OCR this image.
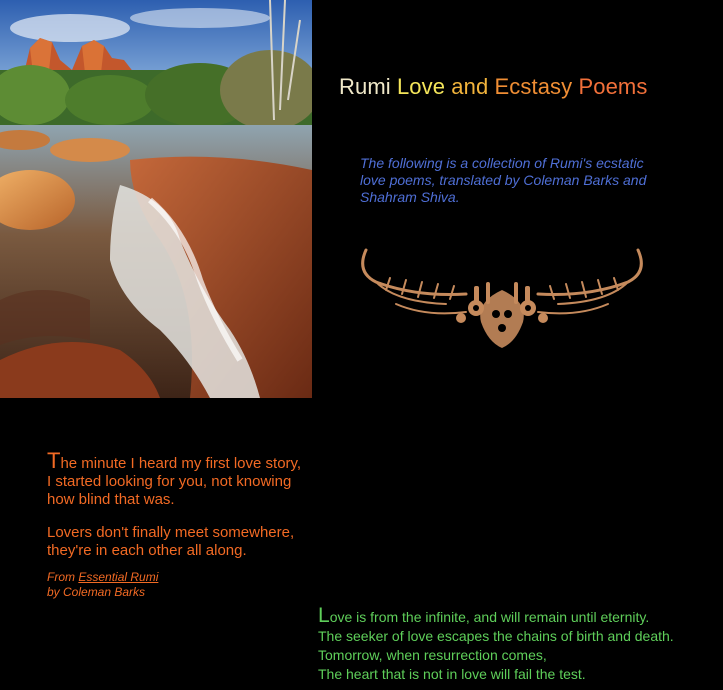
Rumi Love and Ecstasy Poems
The following is a collection of Rumi's ecstatic love poems, translated by Coleman Barks and Shahram Shiva.

The minute I heard my first love story,
I started looking for you, not knowing
how blind that was.

Lovers don't finally meet somewhere,
they're in each other all along.

From Essential Rumi
by Coleman Barks

Love is from the infinite, and will remain until eternity.

The seeker of love escapes the chains of birth and death.

Tomorrow, when resurrection comes,

The heart that is not in love will fail the test.
